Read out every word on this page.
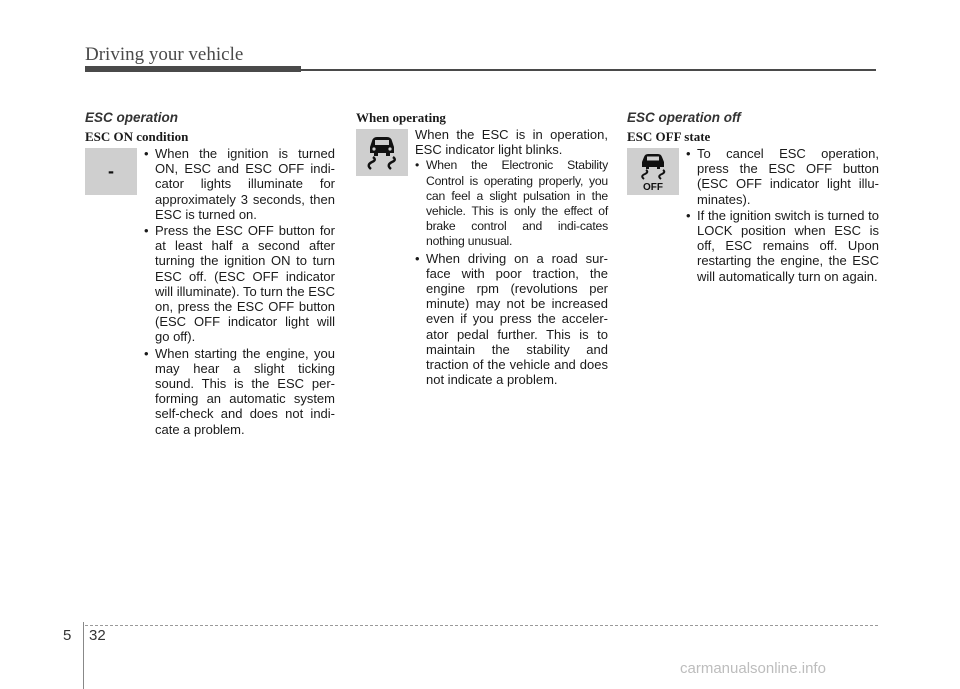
Driving your vehicle
ESC operation
ESC ON condition
-
• When the ignition is turned ON, ESC and ESC OFF indi-cator lights illuminate for approximately 3 seconds, then ESC is turned on.
• Press the ESC OFF button for at least half a second after turning the ignition ON to turn ESC off. (ESC OFF indicator will illuminate). To turn the ESC on, press the ESC OFF button (ESC OFF indicator light will go off).
• When starting the engine, you may hear a slight ticking sound. This is the ESC per-forming an automatic system self-check and does not indi-cate a problem.
When operating
When the ESC is in operation, ESC indicator light blinks.
• When the Electronic Stability Control is operating properly, you can feel a slight pulsation in the vehicle. This is only the effect of brake control and indi-cates nothing unusual.
• When driving on a road sur-face with poor traction, the engine rpm (revolutions per minute) may not be increased even if you press the acceler-ator pedal further. This is to maintain the stability and traction of the vehicle and does not indicate a problem.
ESC operation off
ESC OFF state
OFF
• To cancel ESC operation, press the ESC OFF button (ESC OFF indicator light illu-minates).
• If the ignition switch is turned to LOCK position when ESC is off, ESC remains off. Upon restarting the engine, the ESC will automatically turn on again.
5 32
carmanualsonline.info
